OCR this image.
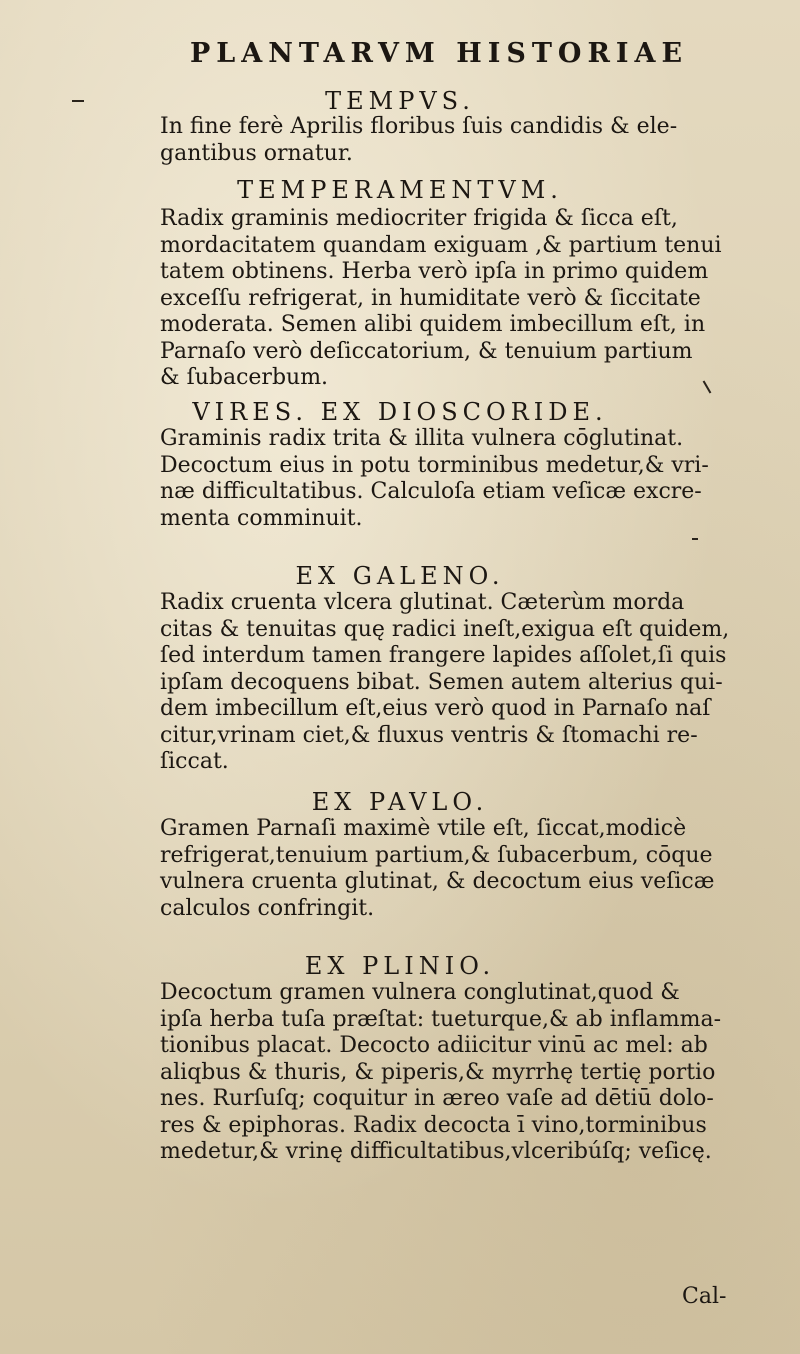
PLANTARVM HISTORIAE
TEMPVS.

In fine ferè Aprilis floribus ſuis candidis & ele-

gantibus ornatur.

TEMPERAMENTVM.

Radix graminis mediocriter frigida & ſicca eſt,

mordacitatem quandam exiguam ,& partium tenui

tatem obtinens. Herba verò ipſa in primo quidem

exceſſu refrigerat, in humiditate verò & ſiccitate

moderata. Semen alibi quidem imbecillum eſt, in

Parnaſo verò deſiccatorium, & tenuium partium

& ſubacerbum.

VIRES. EX DIOSCORIDE.

Graminis radix trita & illita vulnera cōglutinat.

Decoctum eius in potu torminibus medetur,& vri-

næ difficultatibus. Calculoſa etiam veſicæ excre-

menta comminuit.

EX GALENO.

Radix cruenta vlcera glutinat. Cæterùm morda

citas & tenuitas quę radici ineſt,exigua eſt quidem,

ſed interdum tamen frangere lapides aſſolet,ſi quis

ipſam decoquens bibat. Semen autem alterius qui-

dem imbecillum eſt,eius verò quod in Parnaſo naſ

citur,vrinam ciet,& fluxus ventris & ſtomachi re-

ſiccat.

EX PAVLO.

Gramen Parnaſi maximè vtile eſt, ſiccat,modicè

refrigerat,tenuium partium,& ſubacerbum, cōque

vulnera cruenta glutinat, & decoctum eius veſicæ

calculos confringit.

EX PLINIO.

Decoctum gramen vulnera conglutinat,quod &

ipſa herba tuſa præſtat: tueturque,& ab inflamma-

tionibus placat. Decocto adiicitur vinū ac mel: ab

aliqbus & thuris, & piperis,& myrrhę tertię portio

nes. Rurſuſq; coquitur in æreo vaſe ad dētiū dolo-

res & epiphoras. Radix decocta ī vino,torminibus

medetur,& vrinę difficultatibus,vlceribúſq; veſicę.

Cal-
